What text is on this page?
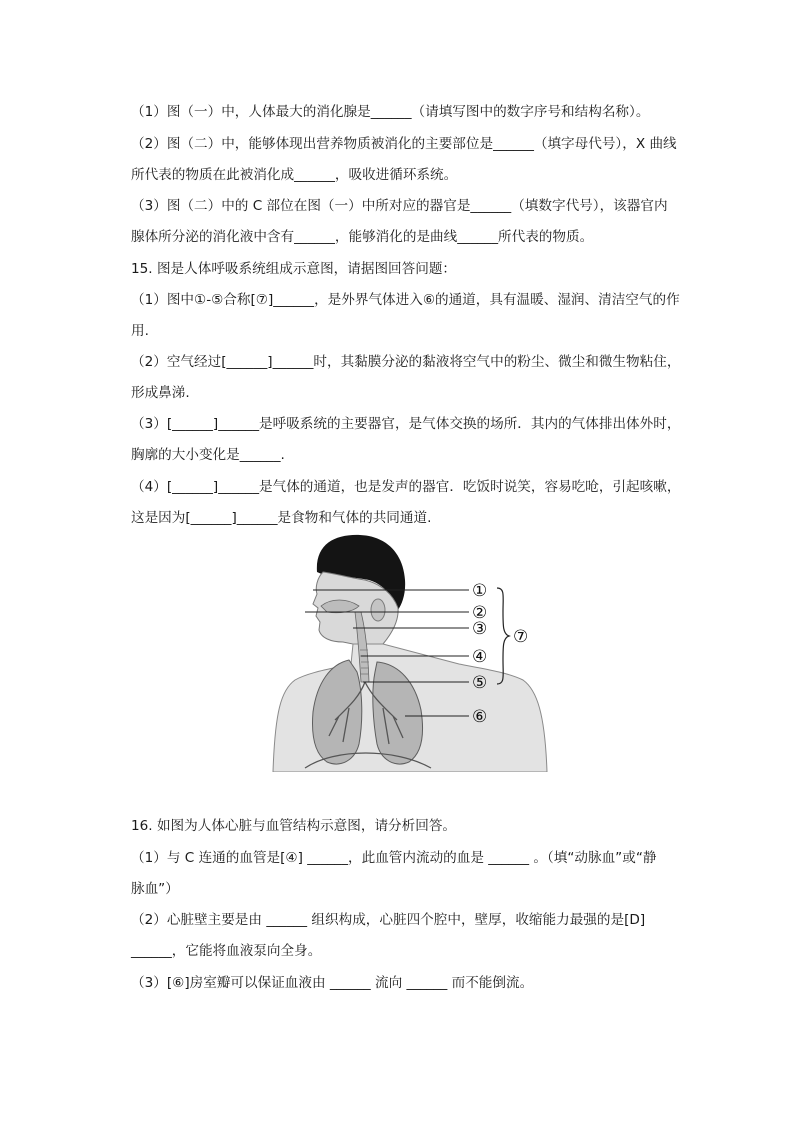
（1）图（一）中，人体最大的消化腺是______（请填写图中的数字序号和结构名称）。
（2）图（二）中，能够体现出营养物质被消化的主要部位是______（填字母代号），X 曲线
所代表的物质在此被消化成______，吸收进循环系统。
（3）图（二）中的 C 部位在图（一）中所对应的器官是______（填数字代号），该器官内
腺体所分泌的消化液中含有______，能够消化的是曲线______所代表的物质。
15. 图是人体呼吸系统组成示意图，请据图回答问题：
（1）图中①-⑤合称[⑦]______，是外界气体进入⑥的通道，具有温暖、湿润、清洁空气的作
用.
（2）空气经过[______]______时，其黏膜分泌的黏液将空气中的粉尘、微尘和微生物粘住，
形成鼻涕.
（3）[______]______是呼吸系统的主要器官，是气体交换的场所．其内的气体排出体外时，
胸廓的大小变化是______.
（4）[______]______是气体的通道，也是发声的器官．吃饭时说笑，容易吃呛，引起咳嗽，
这是因为[______]______是食物和气体的共同通道.
①
②
③
④
⑤
⑥
⑦
16. 如图为人体心脏与血管结构示意图，请分析回答。
（1）与 C 连通的血管是[④] ______，此血管内流动的血是 ______ 。（填“动脉血”或“静
脉血”）
（2）心脏壁主要是由 ______ 组织构成，心脏四个腔中，壁厚，收缩能力最强的是[D]
______，它能将血液泵向全身。
（3）[⑥]房室瓣可以保证血液由 ______ 流向 ______ 而不能倒流。
